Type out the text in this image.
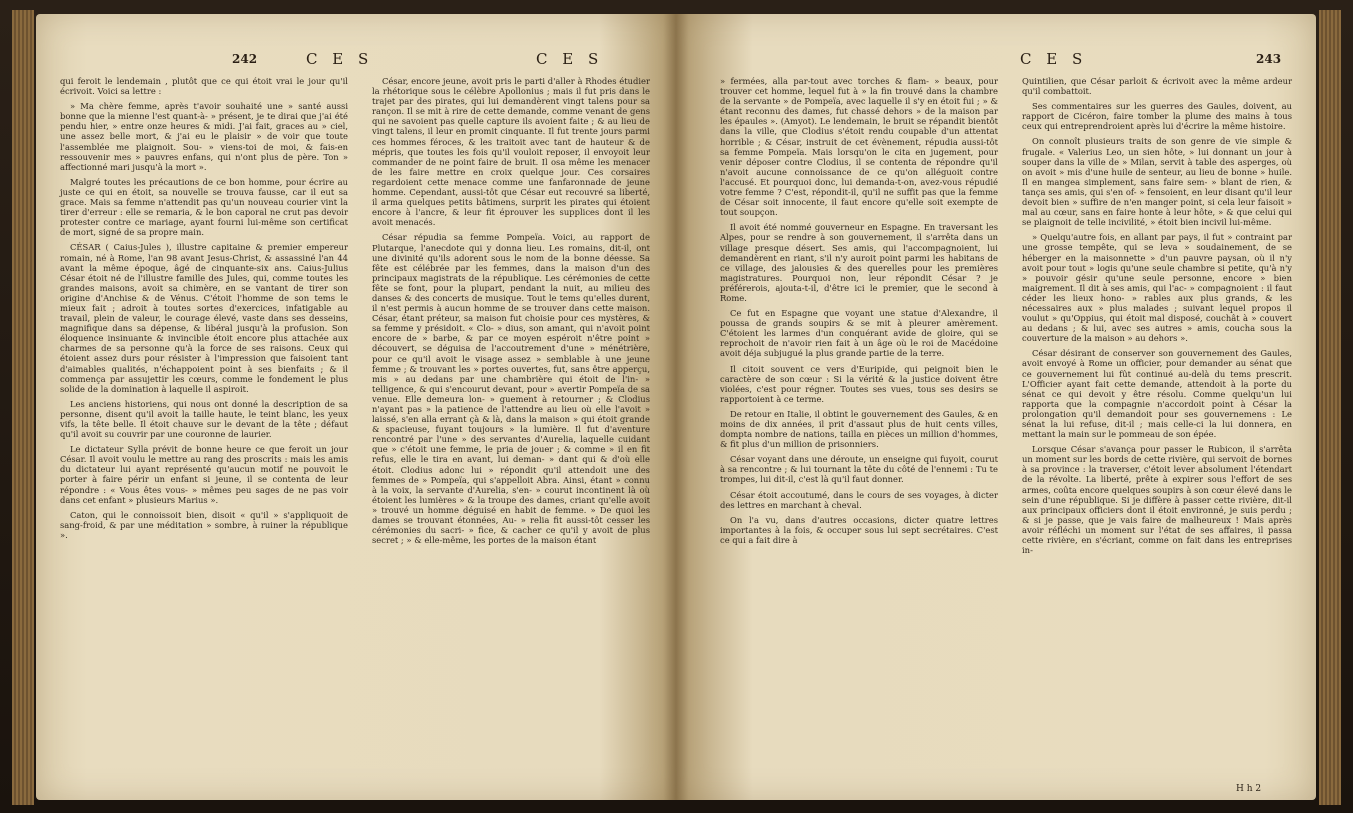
242	C E S	C E S

qui feroit le lendemain , plutôt que ce qui étoit vrai le jour qu'il écrivoit. Voici sa lettre :

» Ma chère femme, après t'avoir souhaité une » santé aussi bonne que la mienne l'est quant-à- » présent, je te dirai que j'ai été pendu hier, » entre onze heures & midi. J'ai fait, graces au » ciel, une assez belle mort, & j'ai eu le plaisir » de voir que toute l'assemblée me plaignoit. Sou- » viens-toi de moi, & fais-en ressouvenir mes » pauvres enfans, qui n'ont plus de père. Ton » affectionné mari jusqu'à la mort ».

Malgré toutes les précautions de ce bon homme, pour écrire au juste ce qui en étoit, sa nouvelle se trouva fausse, car il eut sa grace. Mais sa femme n'attendit pas qu'un nouveau courier vint la tirer d'erreur : elle se remaria, & le bon caporal ne crut pas devoir protester contre ce mariage, ayant fourni lui-même son certificat de mort, signé de sa propre main.

CÉSAR ( Caius-Jules ), illustre capitaine & premier empereur romain, né à Rome, l'an 98 avant Jesus-Christ, & assassiné l'an 44 avant la même époque, âgé de cinquante-six ans. Caius-Julius César étoit né de l'illustre famille des Jules, qui, comme toutes les grandes maisons, avoit sa chimère, en se vantant de tirer son origine d'Anchise & de Vénus. C'étoit l'homme de son tems le mieux fait ; adroit à toutes sortes d'exercices, infatigable au travail, plein de valeur, le courage élevé, vaste dans ses desseins, magnifique dans sa dépense, & libéral jusqu'à la profusion. Son éloquence insinuante & invincible étoit encore plus attachée aux charmes de sa personne qu'à la force de ses raisons. Ceux qui étoient assez durs pour résister à l'impression que faisoient tant d'aimables qualités, n'échappoient point à ses bienfaits ; & il commença par assujettir les cœurs, comme le fondement le plus solide de la domination à laquelle il aspiroit.

Les anciens historiens, qui nous ont donné la description de sa personne, disent qu'il avoit la taille haute, le teint blanc, les yeux vifs, la tête belle. Il étoit chauve sur le devant de la tête ; défaut qu'il avoit su couvrir par une couronne de laurier.

Le dictateur Sylla prévit de bonne heure ce que feroit un jour César. Il avoit voulu le mettre au rang des proscrits : mais les amis du dictateur lui ayant représenté qu'aucun motif ne pouvoit le porter à faire périr un enfant si jeune, il se contenta de leur répondre : « Vous êtes vous- » mêmes peu sages de ne pas voir dans cet enfant » plusieurs Marius ».

Caton, qui le connoissoit bien, disoit « qu'il » s'appliquoit de sang-froid, & par une méditation » sombre, à ruiner la république ».

César, encore jeune, avoit pris le parti d'aller à Rhodes étudier la rhétorique sous le célèbre Apollonius ; mais il fut pris dans le trajet par des pirates, qui lui demandèrent vingt talens pour sa rançon. Il se mit à rire de cette demande, comme venant de gens qui ne savoient pas quelle capture ils avoient faite ; & au lieu de vingt talens, il leur en promit cinquante. Il fut trente jours parmi ces hommes féroces, & les traitoit avec tant de hauteur & de mépris, que toutes les fois qu'il vouloit reposer, il envoyoit leur commander de ne point faire de bruit. Il osa même les menacer de les faire mettre en croix quelque jour. Ces corsaires regardoient cette menace comme une fanfaronnade de jeune homme. Cependant, aussi-tôt que César eut recouvré sa liberté, il arma quelques petits bâtimens, surprit les pirates qui étoient encore à l'ancre, & leur fit éprouver les supplices dont il les avoit menacés.

César répudia sa femme Pompeïa. Voici, au rapport de Plutarque, l'anecdote qui y donna lieu. Les romains, dit-il, ont une divinité qu'ils adorent sous le nom de la bonne déesse. Sa fête est célébrée par les femmes, dans la maison d'un des principaux magistrats de la république. Les cérémonies de cette fête se font, pour la plupart, pendant la nuit, au milieu des danses & des concerts de musique. Tout le tems qu'elles durent, il n'est permis à aucun homme de se trouver dans cette maison. César, étant préteur, sa maison fut choisie pour ces mystères, & sa femme y présidoit. « Clo- » dius, son amant, qui n'avoit point encore de » barbe, & par ce moyen espéroit n'être point » découvert, se déguisa de l'accoutrement d'une » ménétrière, pour ce qu'il avoit le visage assez » semblable à une jeune femme ; & trouvant les » portes ouvertes, fut, sans être apperçu, mis » au dedans par une chambrière qui étoit de l'in- » telligence, & qui s'encourut devant, pour » avertir Pompeïa de sa venue. Elle demeura lon- » guement à retourner ; & Clodius n'ayant pas » la patience de l'attendre au lieu où elle l'avoit » laissé, s'en alla errant çà & là, dans la maison » qui étoit grande & spacieuse, fuyant toujours » la lumière. Il fut d'aventure rencontré par l'une » des servantes d'Aurelia, laquelle cuidant que » c'étoit une femme, le pria de jouer ; & comme » il en fit refus, elle le tira en avant, lui deman- » dant qui & d'où elle étoit. Clodius adonc lui » répondit qu'il attendoit une des femmes de » Pompeïa, qui s'appelloit Abra. Ainsi, étant » connu à la voix, la servante d'Aurelia, s'en- » courut incontinent là où étoient les lumières » & la troupe des dames, criant qu'elle avoit » trouvé un homme déguisé en habit de femme. » De quoi les dames se trouvant étonnées, Au- » relia fit aussi-tôt cesser les cérémonies du sacri- » fice, & cacher ce qu'il y avoit de plus secret ; » & elle-même, les portes de la maison étant

C E S	243

» fermées, alla par-tout avec torches & flam- » beaux, pour trouver cet homme, lequel fut à » la fin trouvé dans la chambre de la servante » de Pompeïa, avec laquelle il s'y en étoit fui ; » & étant reconnu des dames, fut chassé dehors » de la maison par les épaules ». (Amyot). Le lendemain, le bruit se répandit bientôt dans la ville, que Clodius s'étoit rendu coupable d'un attentat horrible ; & César, instruit de cet évènement, répudia aussi-tôt sa femme Pompeïa. Mais lorsqu'on le cita en jugement, pour venir déposer contre Clodius, il se contenta de répondre qu'il n'avoit aucune connoissance de ce qu'on alléguoit contre l'accusé. Et pourquoi donc, lui demanda-t-on, avez-vous répudié votre femme ? C'est, répondit-il, qu'il ne suffit pas que la femme de César soit innocente, il faut encore qu'elle soit exempte de tout soupçon.

Il avoit été nommé gouverneur en Espagne. En traversant les Alpes, pour se rendre à son gouvernement, il s'arrêta dans un village presque désert. Ses amis, qui l'accompagnoient, lui demandèrent en riant, s'il n'y auroit point parmi les habitans de ce village, des jalousies & des querelles pour les premières magistratures. Pourquoi non, leur répondit César ? je préférerois, ajouta-t-il, d'être ici le premier, que le second à Rome.

Ce fut en Espagne que voyant une statue d'Alexandre, il poussa de grands soupirs & se mit à pleurer amèrement. C'étoient les larmes d'un conquérant avide de gloire, qui se reprochoit de n'avoir rien fait à un âge où le roi de Macédoine avoit déja subjugué la plus grande partie de la terre.

Il citoit souvent ce vers d'Euripide, qui peignoit bien le caractère de son cœur : Si la vérité & la justice doivent être violées, c'est pour régner. Toutes ses vues, tous ses desirs se rapportoient à ce terme.

De retour en Italie, il obtint le gouvernement des Gaules, & en moins de dix années, il prit d'assaut plus de huit cents villes, dompta nombre de nations, tailla en pièces un million d'hommes, & fit plus d'un million de prisonniers.

César voyant dans une déroute, un enseigne qui fuyoit, courut à sa rencontre ; & lui tournant la tête du côté de l'ennemi : Tu te trompes, lui dit-il, c'est là qu'il faut donner.

César étoit accoutumé, dans le cours de ses voyages, à dicter des lettres en marchant à cheval.

On l'a vu, dans d'autres occasions, dicter quatre lettres importantes à la fois, & occuper sous lui sept secrétaires. C'est ce qui a fait dire à

Quintilien, que César parloit & écrivoit avec la même ardeur qu'il combattoit.

Ses commentaires sur les guerres des Gaules, doivent, au rapport de Cicéron, faire tomber la plume des mains à tous ceux qui entreprendroient après lui d'écrire la même histoire.

On connoît plusieurs traits de son genre de vie simple & frugale. « Valerius Leo, un sien hôte, » lui donnant un jour à souper dans la ville de » Milan, servit à table des asperges, où on avoit » mis d'une huile de senteur, au lieu de bonne » huile. Il en mangea simplement, sans faire sem- » blant de rien, & tança ses amis, qui s'en of- » fensoient, en leur disant qu'il leur devoit bien » suffire de n'en manger point, si cela leur faisoit » mal au cœur, sans en faire honte à leur hôte, » & que celui qui se plaignoit de telle incivilité, » étoit bien incivil lui-même.

» Quelqu'autre fois, en allant par pays, il fut » contraint par une grosse tempête, qui se leva » soudainement, de se héberger en la maisonnette » d'un pauvre paysan, où il n'y avoit pour tout » logis qu'une seule chambre si petite, qu'à n'y » pouvoir gésir qu'une seule personne, encore » bien maigrement. Il dit à ses amis, qui l'ac- » compagnoient : il faut céder les lieux hono- » rables aux plus grands, & les nécessaires aux » plus malades ; suivant lequel propos il voulut » qu'Oppius, qui étoit mal disposé, couchât à » couvert au dedans ; & lui, avec ses autres » amis, coucha sous la couverture de la maison » au dehors ».

César désirant de conserver son gouvernement des Gaules, avoit envoyé à Rome un officier, pour demander au sénat que ce gouvernement lui fût continué au-delà du tems prescrit. L'Officier ayant fait cette demande, attendoit à la porte du sénat ce qui devoit y être résolu. Comme quelqu'un lui rapporta que la compagnie n'accordoit point à César la prolongation qu'il demandoit pour ses gouvernemens : Le sénat la lui refuse, dit-il ; mais celle-ci la lui donnera, en mettant la main sur le pommeau de son épée.

Lorsque César s'avança pour passer le Rubicon, il s'arrêta un moment sur les bords de cette rivière, qui servoit de bornes à sa province : la traverser, c'étoit lever absolument l'étendart de la révolte. La liberté, prête à expirer sous l'effort de ses armes, coûta encore quelques soupirs à son cœur élevé dans le sein d'une république. Si je diffère à passer cette rivière, dit-il aux principaux officiers dont il étoit environné, je suis perdu ; & si je passe, que je vais faire de malheureux ! Mais après avoir réfléchi un moment sur l'état de ses affaires, il passa cette rivière, en s'écriant, comme on fait dans les entreprises in-

H h 2
